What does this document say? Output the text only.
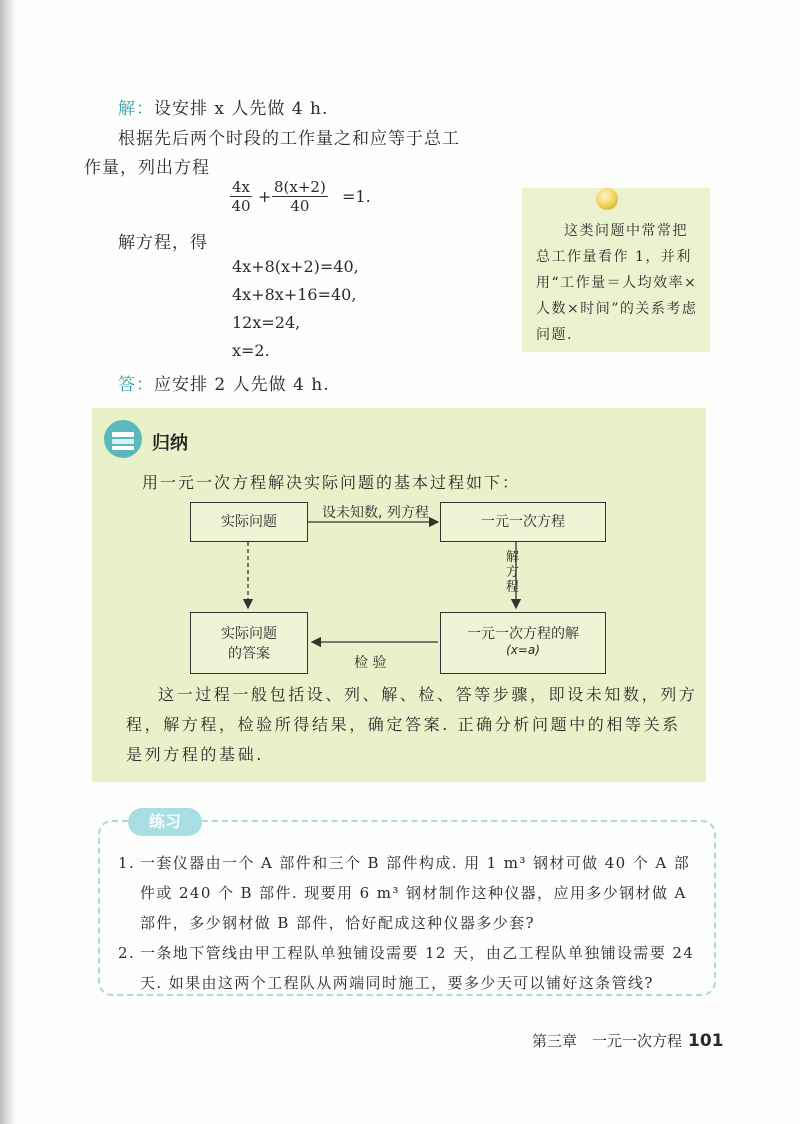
解：设安排 x 人先做 4 h.
根据先后两个时段的工作量之和应等于总工
作量，列出方程
$\frac{4x}{40} + \frac{8(x+2)}{40} =1$.
解方程，得
4x+8(x+2)=40,
4x+8x+16=40,
12x=24,
x=2.
答：应安排 2 人先做 4 h.
这类问题中常常把总工作量看作 1，并利用“工作量＝人均效率×人数×时间”的关系考虑问题.
归纳
用一元一次方程解决实际问题的基本过程如下：
实际问题	一元一次方程
实际问题
的答案
一元一次方程的解
(x=a)
设未知数, 列方程
解方程
检 验
这一过程一般包括设、列、解、检、答等步骤，即设未知数，列方程，解方程，检验所得结果，确定答案. 正确分析问题中的相等关系是列方程的基础.
练习
1. 一套仪器由一个 A 部件和三个 B 部件构成. 用 1 m³ 钢材可做 40 个 A 部件或 240 个 B 部件. 现要用 6 m³ 钢材制作这种仪器，应用多少钢材做 A 部件，多少钢材做 B 部件，恰好配成这种仪器多少套?
2. 一条地下管线由甲工程队单独铺设需要 12 天，由乙工程队单独铺设需要 24 天. 如果由这两个工程队从两端同时施工，要多少天可以铺好这条管线?
第三章　一元一次方程 101
